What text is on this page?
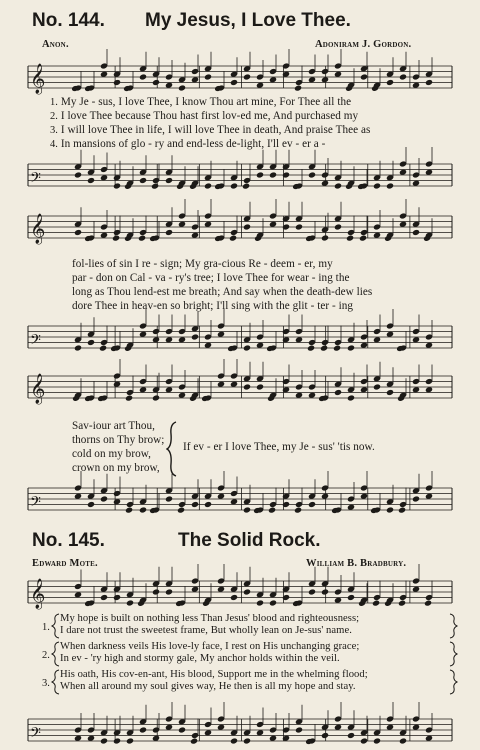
No. 144. My Jesus, I Love Thee.
Anon.	Adoniram J. Gordon.
𝄞
1. My Je - sus, I love Thee, I know Thou art mine, For Thee all the
2. I love Thee because Thou hast first lov-ed me, And purchased my
3. I will love Thee in life, I will love Thee in death, And praise Thee as
4. In mansions of glo - ry and end-less de-light, I'll ev - er a -
𝄢
𝄞
fol-lies of sin I re - sign; My gra-cious Re - deem - er, my
par - don on Cal - va - ry's tree; I love Thee for wear - ing the
long as Thou lend-est me breath; And say when the death-dew lies
dore Thee in heav-en so bright; I'll sing with the glit - ter - ing
𝄢
𝄞
Sav-iour art Thou,
thorns on Thy brow;
cold on my brow,
crown on my brow,
If ev - er I love Thee, my Je - sus' 'tis now.
𝄢
No. 145.	The Solid Rock.
Edward Mote.	William B. Bradbury.
𝄞
1.
My hope is built on nothing less Than Jesus' blood and righteousness;
I dare not trust the sweetest frame, But wholly lean on Je-sus' name.
2.
When darkness veils His love-ly face, I rest on His unchanging grace;
In ev - 'ry high and stormy gale, My anchor holds within the veil.
3.
His oath, His cov-en-ant, His blood, Support me in the whelming flood;
When all around my soul gives way, He then is all my hope and stay.
𝄢
